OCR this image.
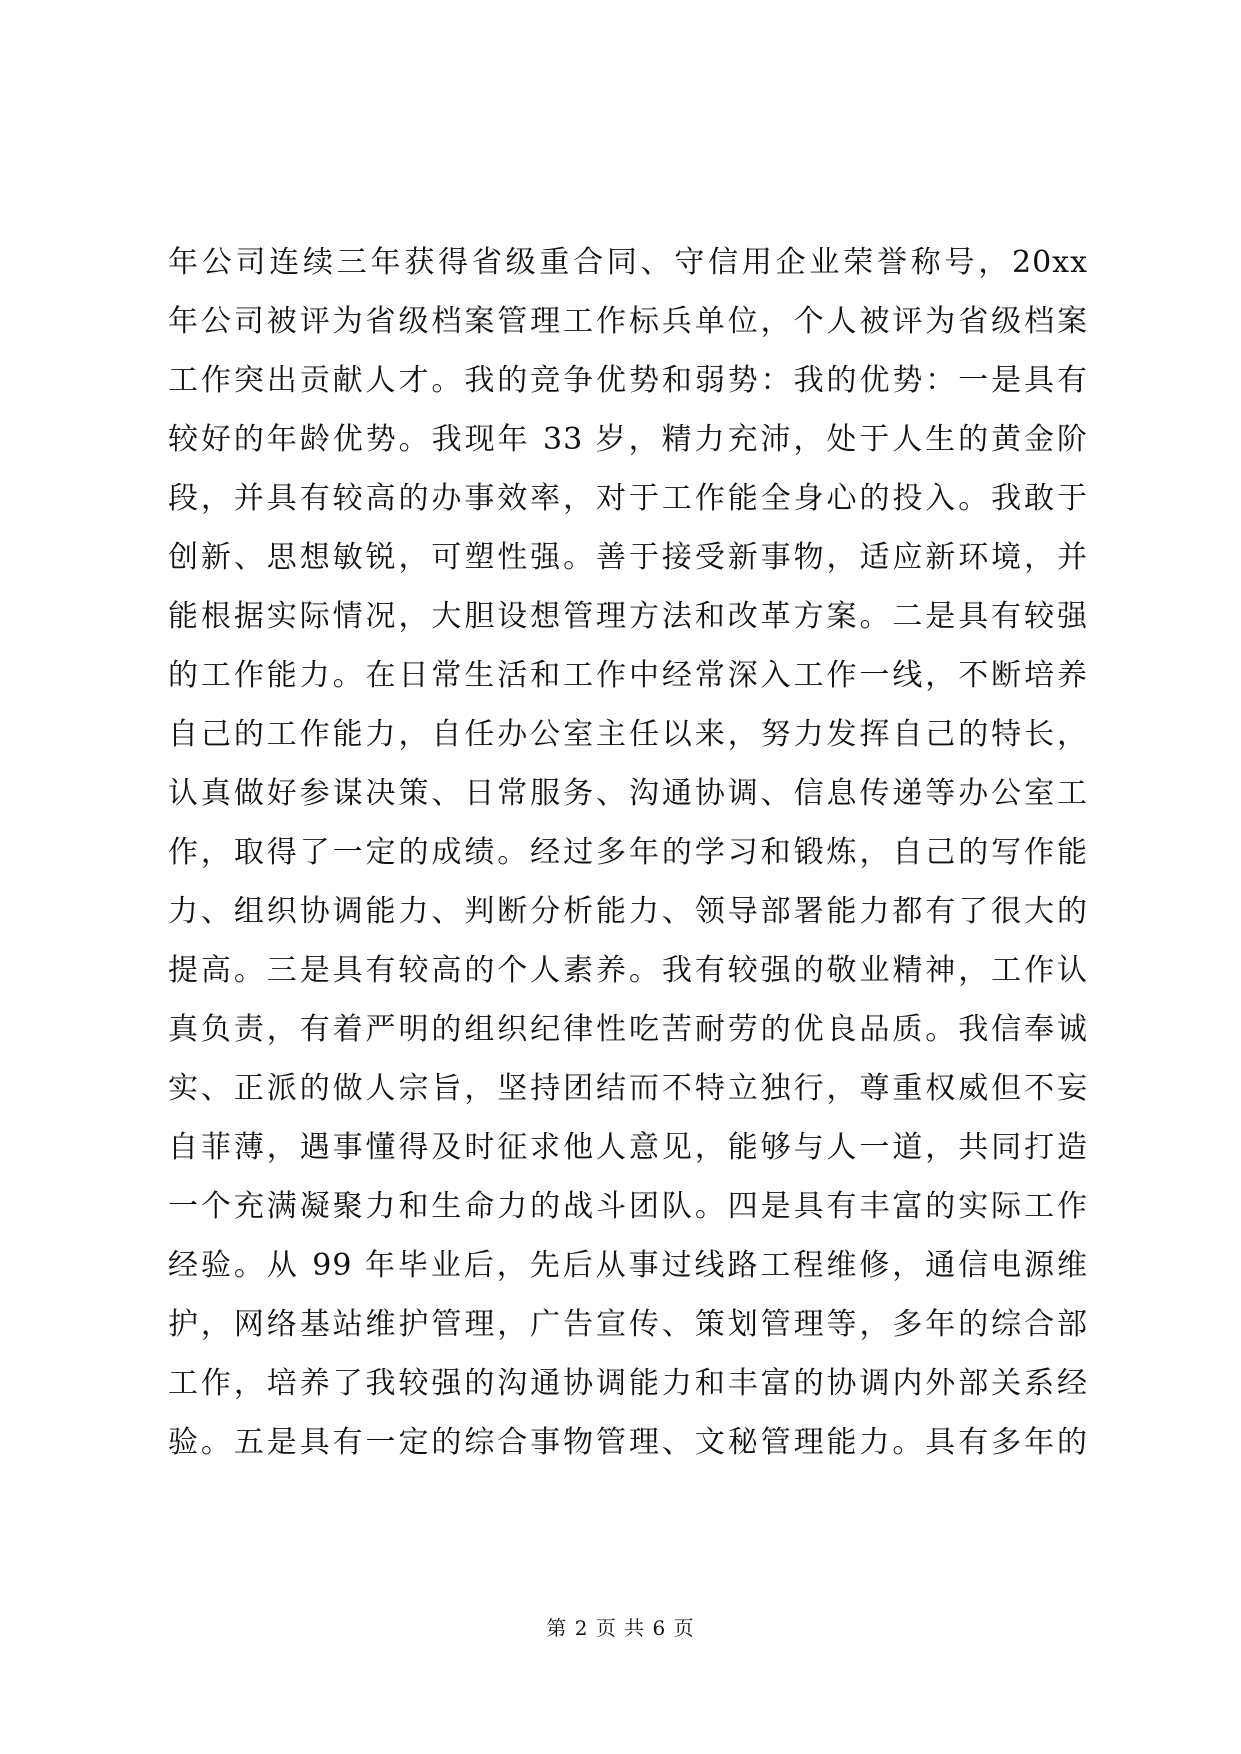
年公司连续三年获得省级重合同、守信用企业荣誉称号，20xx
年公司被评为省级档案管理工作标兵单位，个人被评为省级档案
工作突出贡献人才。我的竞争优势和弱势：我的优势：一是具有
较好的年龄优势。我现年 33 岁，精力充沛，处于人生的黄金阶
段，并具有较高的办事效率，对于工作能全身心的投入。我敢于
创新、思想敏锐，可塑性强。善于接受新事物，适应新环境，并
能根据实际情况，大胆设想管理方法和改革方案。二是具有较强
的工作能力。在日常生活和工作中经常深入工作一线，不断培养
自己的工作能力，自任办公室主任以来，努力发挥自己的特长，
认真做好参谋决策、日常服务、沟通协调、信息传递等办公室工
作，取得了一定的成绩。经过多年的学习和锻炼，自己的写作能
力、组织协调能力、判断分析能力、领导部署能力都有了很大的
提高。三是具有较高的个人素养。我有较强的敬业精神，工作认
真负责，有着严明的组织纪律性吃苦耐劳的优良品质。我信奉诚
实、正派的做人宗旨，坚持团结而不特立独行，尊重权威但不妄
自菲薄，遇事懂得及时征求他人意见，能够与人一道，共同打造
一个充满凝聚力和生命力的战斗团队。四是具有丰富的实际工作
经验。从 99 年毕业后，先后从事过线路工程维修，通信电源维
护，网络基站维护管理，广告宣传、策划管理等，多年的综合部
工作，培养了我较强的沟通协调能力和丰富的协调内外部关系经
验。五是具有一定的综合事物管理、文秘管理能力。具有多年的
第 2 页 共 6 页
